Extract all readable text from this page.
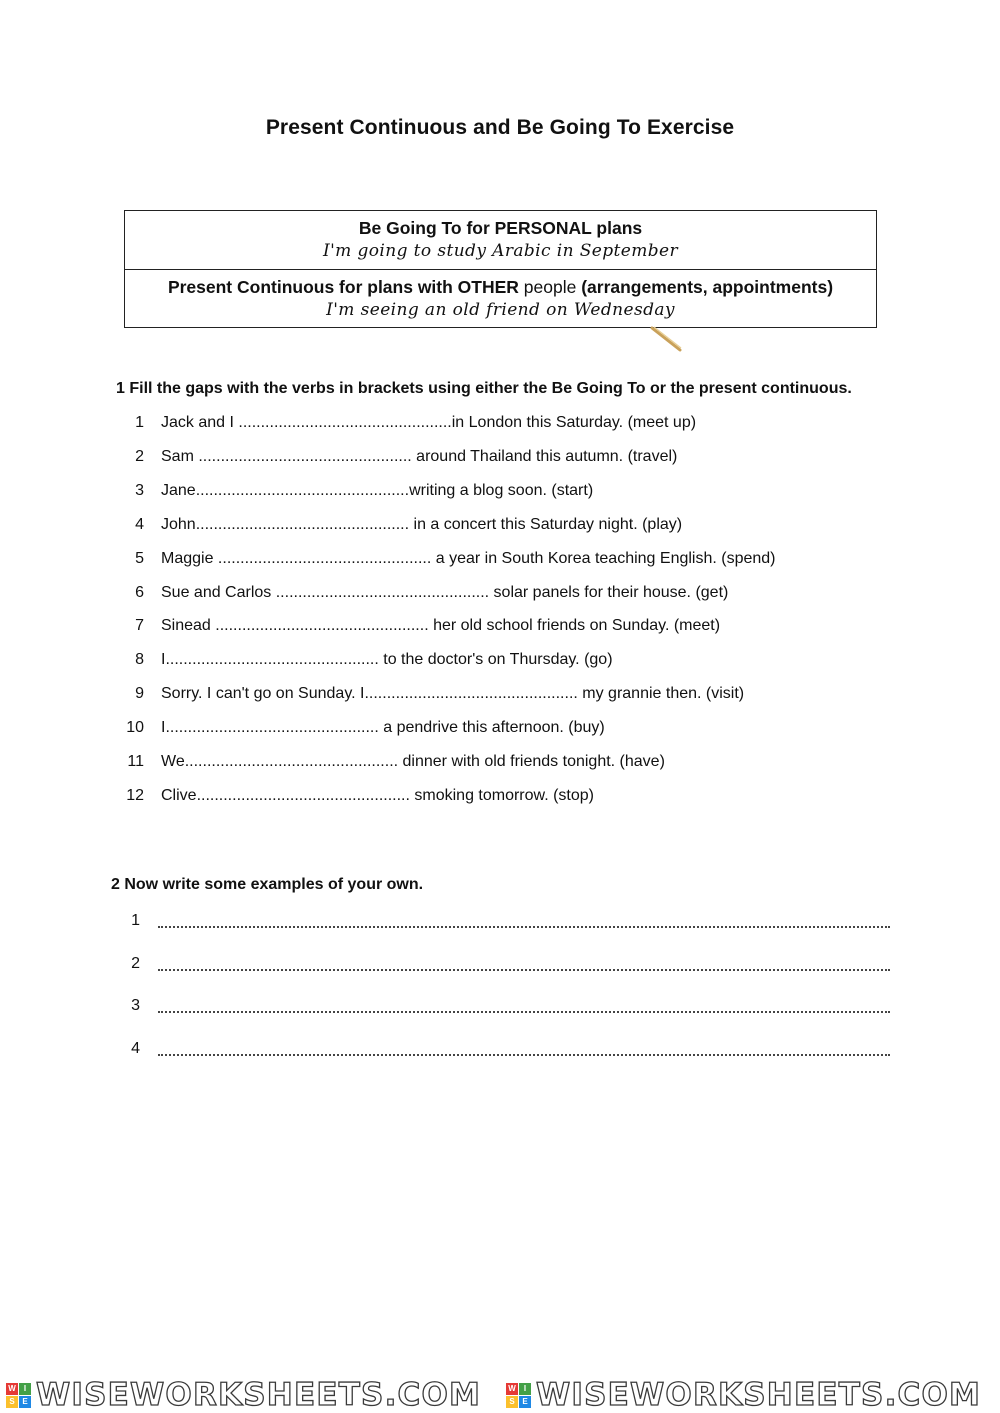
Present Continuous and Be Going To Exercise
Be Going To for PERSONAL plans
I'm going to study Arabic in September
Present Continuous for plans with OTHER people (arrangements, appointments)
I'm seeing an old friend on Wednesday
1 Fill the gaps with the verbs in brackets using either the Be Going To or the present continuous.
1 Jack and I ................................................in London this Saturday. (meet up)
2 Sam ................................................ around Thailand this autumn. (travel)
3 Jane................................................writing a blog soon. (start)
4 John................................................ in a concert this Saturday night. (play)
5 Maggie ................................................ a year in South Korea teaching English. (spend)
6 Sue and Carlos ................................................ solar panels for their house. (get)
7 Sinead ................................................ her old school friends on Sunday. (meet)
8 I................................................ to the doctor's on Thursday. (go)
9 Sorry. I can't go on Sunday. I................................................ my grannie then. (visit)
10 I................................................ a pendrive this afternoon. (buy)
11 We................................................ dinner with old friends tonight. (have)
12 Clive................................................ smoking tomorrow. (stop)
2 Now write some examples of your own.
1
2
3
4
W	I
S E WISEWORKSHEETS.COM	W	I
S E WISEWORKSHEETS.COM
